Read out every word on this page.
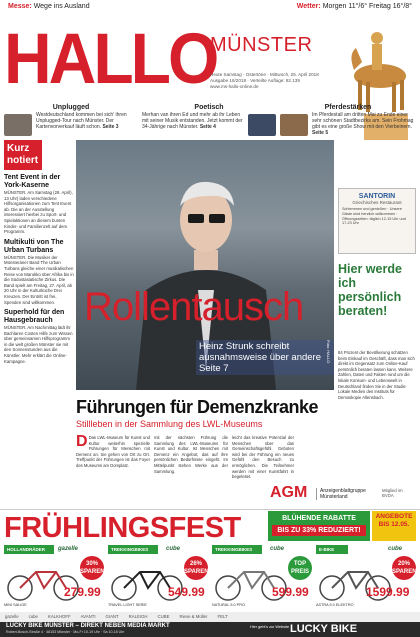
Messe: Wege ins Ausland	Wetter: Morgen 11°/6° Freitag 16°/8°
HALLO
MÜNSTER
Heute Samstag · Ostertöne · Mittwoch, 25. April 2018
Ausgabe 16/2018 · Verteilte Auflage: 82.139
www.ms-hallo-online.de
Unplugged

Westdeutschland kommen bei sich' ihren Unplugged-Tour nach Münster. Der Kartenvorverkauf läuft schon. Seite 3

Poetisch

Merhan van ihren Ed und mehr ab ihr Leben mit seiner Musik entstanden. Jetzt kommt der 34-Jährige nach Münster. Seite 4

Pferdestärken

Im Pferdestall am dritten Mai zu Ende einer sehr schönen Stadtbezirks am. Sein Frohmag gibt es eine große Show mit den Vierbeinern. Seite 5

Kurz notiert
Tent Event in der York-Kaserne

MÜNSTER. Am Samstag (28. April), 13 Uhr) laden verschiedene Hilfsorganisationen zum Tent Event ab. Die an der Ausstellung interessiert hierbei zu Sport- und Spielaktionen an diesem bunten Kinder- und Familienzelt auf dem Programm.

Multikulti von The Urban Turbans

MÜNSTER. Die Musiker der Münsteraner Band The Urban Turbans gleiche einer musikalischen Reise von Marokko über Afrika bis in die Südostasiatische Zirkus. Die Band spielt am Freitag, 27. April, ab 20 Uhr in der Kulturküche Drei Kreuzen. Der Eintritt ist frei, Spenden sind willkommen.

Superhold für den Hausgebrauch

MÜNSTER. Am Nachmittag lädt ihr Bachlaren Costen Hilfe zum Wissen über gemeinsamen Hilfsprogramm in die welt großen Münster sie mit den Sonnenstunden aus die Künstler. Mehr erklärt die Online-Kampagne.

Rollentausch
Heinz Strunk schreibt ausnahmsweise über andere Seite 7
Foto: HALLO
SANTORIN
Griechisches Restaurant
Schlemmen und genießen · Unsere Gäste sind herzlich willkommen · Öffnungszeiten: täglich 12-15 Uhr und 17-23 Uhr
Hier werde ich persönlich beraten!
84 Prozent der Bevölkerung schätzen beim Einkauf im Geschäft, dass man sich direkt im Gegensatz zum Online-Kauf persönlich beraten lassen kann. Weitere Zahlen, Daten und Fakten rund um die lokale Konsum- und Lebenswelt in Deutschland finden Sie in der Studie Lokale Medien des Instituts für Demoskopie Allensbach.
Führungen für Demenzkranke
Stillleben in der Sammlung des LWL-Museums
D Das LWL-Museum für Kunst und Kultur weiterhin spezielle Führungen für Menschen mit Demenz an. Sie gehen von Ort zu Ort. Treffpunkt der Führungen ist das Foyer des Museums am Domplatz.
mit der nächsten Führung die Sammlung des LWL-Museums für Kunst und Kultur. Ist Menschen mit Demenz ein Angebot, das auf ihre persönlichen Bedürfnisse eingeht. Im Mittelpunkt stehen Werke aus der Sammlung.
leicht das kreative Potenzial der Menschen über das Gemeinschaftsgefühl. Geboten wird bei der Führung ein neues Gefühl den Besuch zu ermöglichen. Die Teilnehmer werden mit einer Kunstfahrt in begeleitet.
AGM	Anzeigenblattgruppe Münsterland
Mitglied im BVDA
FRÜHLINGSFEST	BLÜHENDE RABATTE
BIS ZU 33% REDUZIERT!
ANGEBOTE
BIS 12.05.
HOLLANDRÄDER	TREKKINGBIKES	TREKKINGBIKES	E-BIKE
gazelle	cube	cube	cube
30% SPAREN
26% SPAREN
TOP PREIS
20% SPAREN
279.99	549.99	599.99	1599.99
MINI SALIGE	TRAVEL LIGHT SERIE	NATURAL 5.0 PRO	ASTRA 5.0 ELEKTRO
gazelle cube KALKHOFF AVANTI GIANT RALEIGH CUBE Riese & Müller FELT
LUCKY BIKE MÜNSTER – DIREKT NEBEN MEDIA MARKT
Robert-Bosch-Straße 4 · 48153 Münster · Mo-Fr 10-19 Uhr · Sa 10-18 Uhr
Hier geht's zur Website LUCKY BIKE
